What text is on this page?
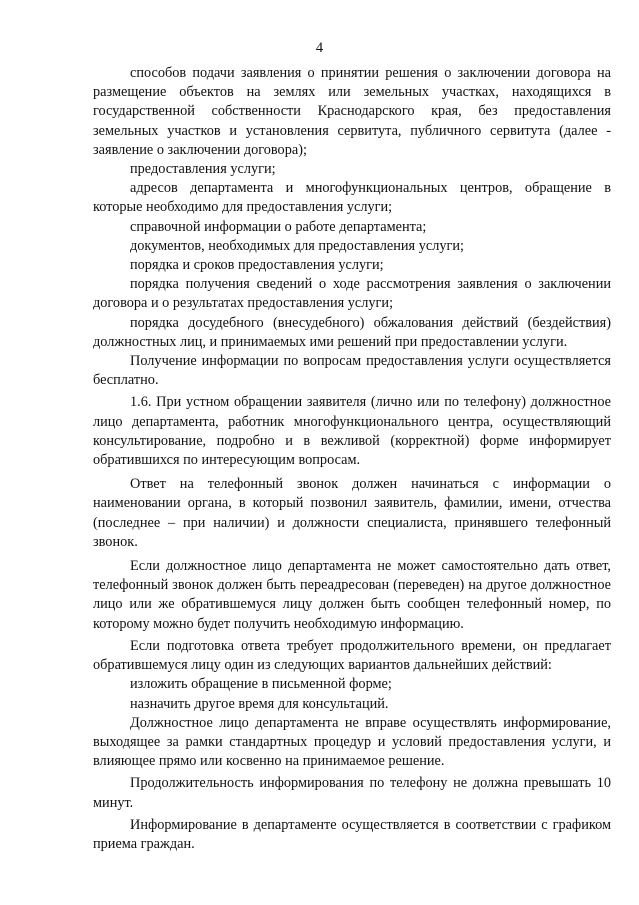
4

способов подачи заявления о принятии решения о заключении договора на размещение объектов на землях или земельных участках, находящихся в государственной собственности Краснодарского края, без предоставления земельных участков и установления сервитута, публичного сервитута (далее - заявление о заключении договора);

предоставления услуги;

адресов департамента и многофункциональных центров, обращение в которые необходимо для предоставления услуги;

справочной информации о работе департамента;

документов, необходимых для предоставления услуги;

порядка и сроков предоставления услуги;

порядка получения сведений о ходе рассмотрения заявления о заключении договора и о результатах предоставления услуги;

порядка досудебного (внесудебного) обжалования действий (бездействия) должностных лиц, и принимаемых ими решений при предоставлении услуги.

Получение информации по вопросам предоставления услуги осуществляется бесплатно.

1.6. При устном обращении заявителя (лично или по телефону) должностное лицо департамента, работник многофункционального центра, осуществляющий консультирование, подробно и в вежливой (корректной) форме информирует обратившихся по интересующим вопросам.

Ответ на телефонный звонок должен начинаться с информации о наименовании органа, в который позвонил заявитель, фамилии, имени, отчества (последнее – при наличии) и должности специалиста, принявшего телефонный звонок.

Если должностное лицо департамента не может самостоятельно дать ответ, телефонный звонок должен быть переадресован (переведен) на другое должностное лицо или же обратившемуся лицу должен быть сообщен телефонный номер, по которому можно будет получить необходимую информацию.

Если подготовка ответа требует продолжительного времени, он предлагает обратившемуся лицу один из следующих вариантов дальнейших действий:

изложить обращение в письменной форме;

назначить другое время для консультаций.

Должностное лицо департамента не вправе осуществлять информирование, выходящее за рамки стандартных процедур и условий предоставления услуги, и влияющее прямо или косвенно на принимаемое решение.

Продолжительность информирования по телефону не должна превышать 10 минут.

Информирование в департаменте осуществляется в соответствии с графиком приема граждан.
